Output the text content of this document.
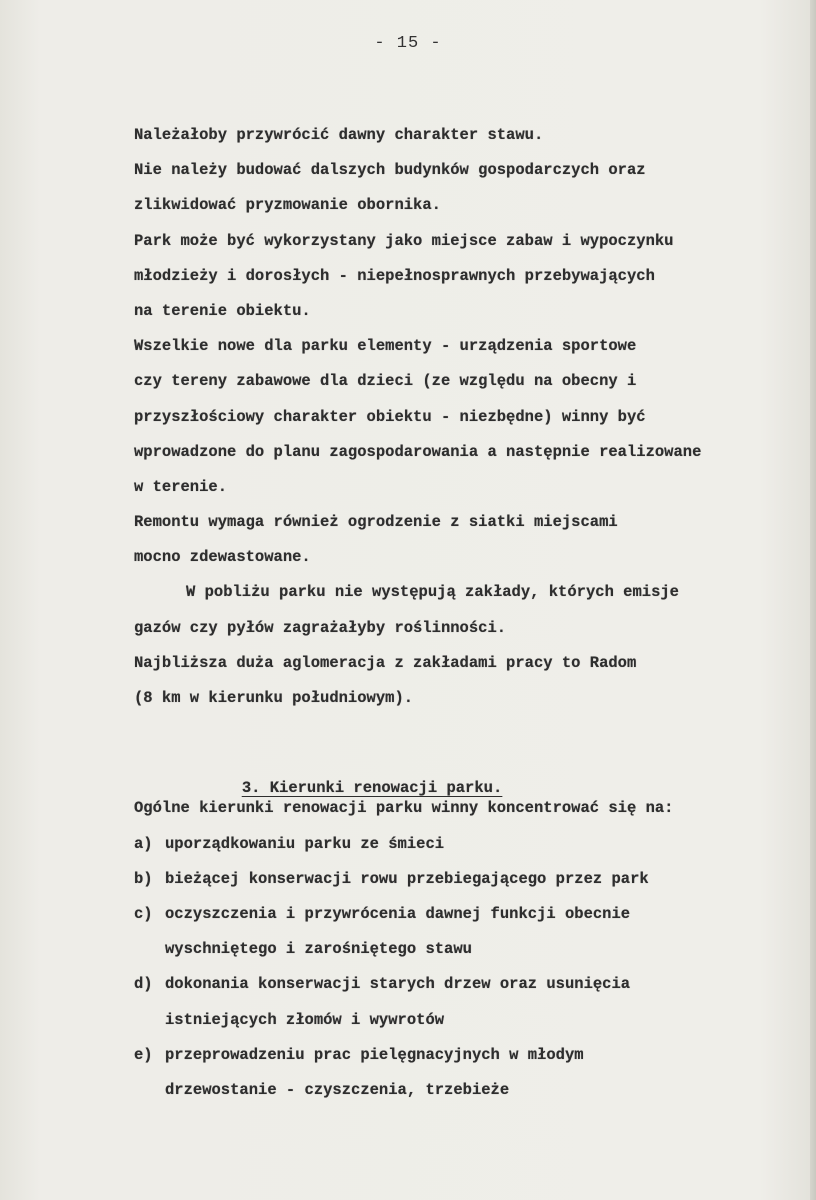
- 15 -
Należałoby przywrócić dawny charakter stawu.
Nie należy budować dalszych budynków gospodarczych oraz
zlikwidować pryzmowanie obornika.
Park może być wykorzystany jako miejsce zabaw i wypoczynku
młodzieży i dorosłych - niepełnosprawnych przebywających
na terenie obiektu.
Wszelkie nowe dla parku elementy - urządzenia sportowe
czy tereny zabawowe dla dzieci (ze względu na obecny i
przyszłościowy charakter obiektu - niezbędne) winny być
wprowadzone do planu zagospodarowania a następnie realizowane
w terenie.
Remontu wymaga również ogrodzenie z siatki miejscami
mocno zdewastowane.
W pobliżu parku nie występują zakłady, których emisje
gazów czy pyłów zagrażałyby roślinności.
Najbliższa duża aglomeracja z zakładami pracy to Radom
(8 km w kierunku południowym).

3. Kierunki renowacji parku.

Ogólne kierunki renowacji parku winny koncentrować się na:
a) uporządkowaniu parku ze śmieci
b) bieżącej konserwacji rowu przebiegającego przez park
c) oczyszczenia i przywrócenia dawnej funkcji obecnie
wyschniętego i zarośniętego stawu
d) dokonania konserwacji starych drzew oraz usunięcia
istniejących złomów i wywrotów
e) przeprowadzeniu prac pielęgnacyjnych w młodym
drzewostanie - czyszczenia, trzebieże
